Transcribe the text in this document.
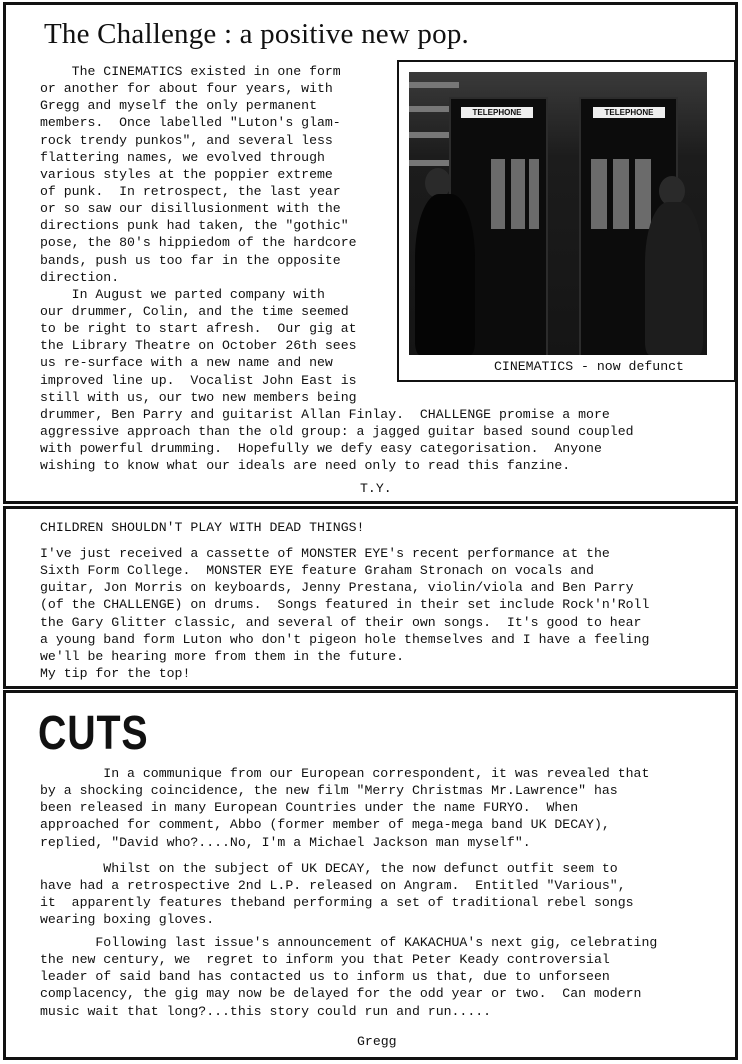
The Challenge : a positive new pop.
The CINEMATICS existed in one form
or another for about four years, with
Gregg and myself the only permanent
members.  Once labelled "Luton's glam-
rock trendy punkos", and several less
flattering names, we evolved through
various styles at the poppier extreme
of punk.  In retrospect, the last year
or so saw our disillusionment with the
directions punk had taken, the "gothic"
pose, the 80's hippiedom of the hardcore
bands, push us too far in the opposite
direction.
In August we parted company with
our drummer, Colin, and the time seemed
to be right to start afresh.  Our gig at
the Library Theatre on October 26th sees
us re-surface with a new name and new
improved line up.  Vocalist John East is
still with us, our two new members being
drummer, Ben Parry and guitarist Allan Finlay.  CHALLENGE promise a more
aggressive approach than the old group: a jagged guitar based sound coupled
with powerful drumming.  Hopefully we defy easy categorisation.  Anyone
wishing to know what our ideals are need only to read this fanzine.
TELEPHONE	TELEPHONE
CINEMATICS - now defunct
T.Y.
CHILDREN SHOULDN'T PLAY WITH DEAD THINGS!
I've just received a cassette of MONSTER EYE's recent performance at the
Sixth Form College.  MONSTER EYE feature Graham Stronach on vocals and
guitar, Jon Morris on keyboards, Jenny Prestana, violin/viola and Ben Parry
(of the CHALLENGE) on drums.  Songs featured in their set include Rock'n'Roll
the Gary Glitter classic, and several of their own songs.  It's good to hear
a young band form Luton who don't pigeon hole themselves and I have a feeling
we'll be hearing more from them in the future.
My tip for the top!
CUTS
In a communique from our European correspondent, it was revealed that
by a shocking coincidence, the new film "Merry Christmas Mr.Lawrence" has
been released in many European Countries under the name FURYO.  When
approached for comment, Abbo (former member of mega-mega band UK DECAY),
replied, "David who?....No, I'm a Michael Jackson man myself".
Whilst on the subject of UK DECAY, the now defunct outfit seem to
have had a retrospective 2nd L.P. released on Angram.  Entitled "Various",
it  apparently features theband performing a set of traditional rebel songs
wearing boxing gloves.
Following last issue's announcement of KAKACHUA's next gig, celebrating
the new century, we  regret to inform you that Peter Keady controversial
leader of said band has contacted us to inform us that, due to unforseen
complacency, the gig may now be delayed for the odd year or two.  Can modern
music wait that long?...this story could run and run.....
Gregg
